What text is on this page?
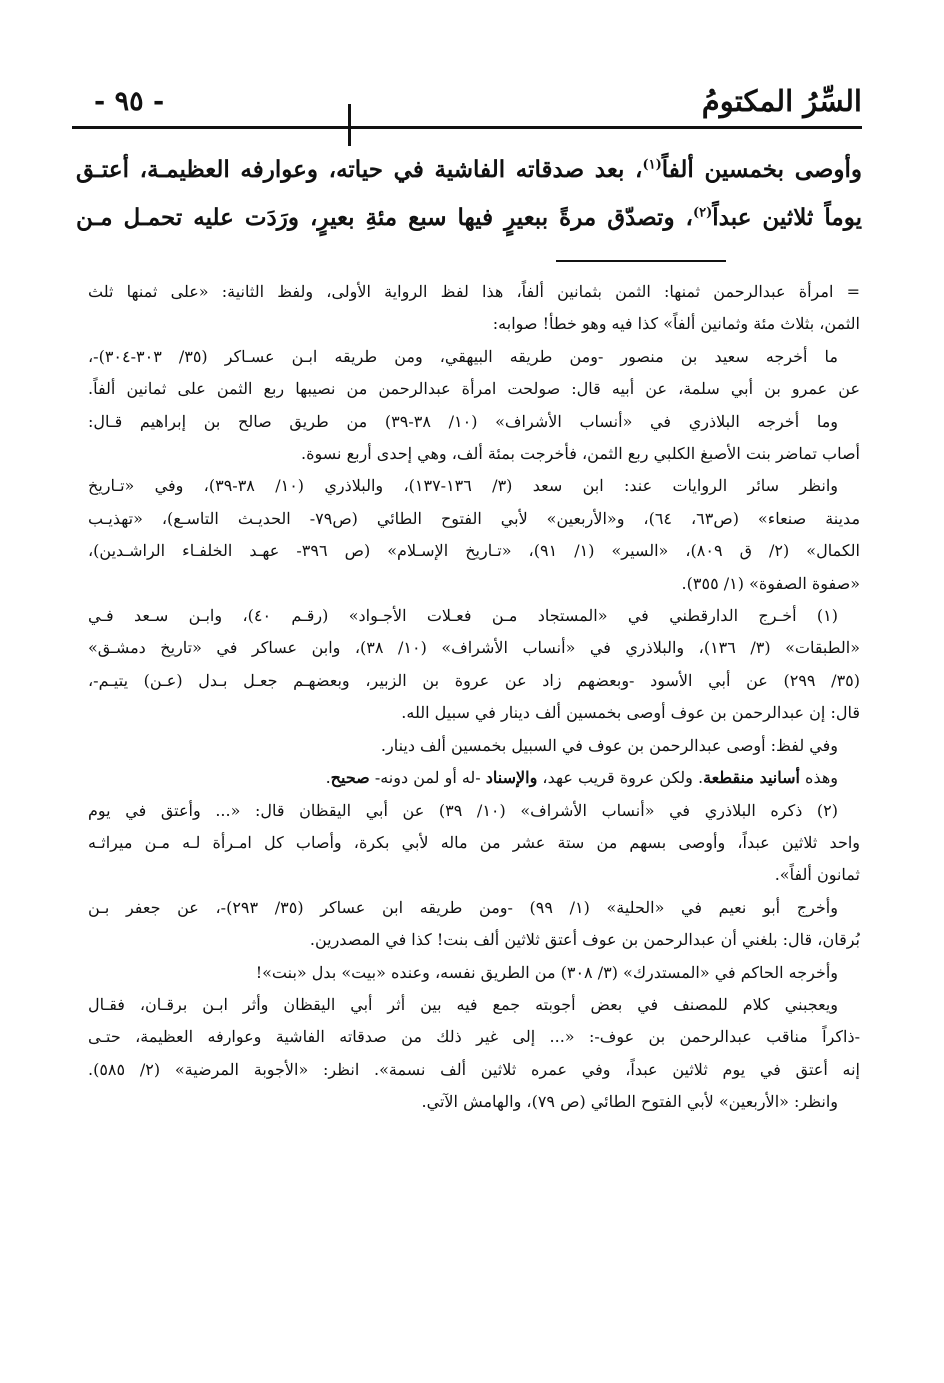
السِّرُ المكتومُ
- ٩٥ -
وأوصى بخمسين ألفاً$^{(١)}$، بعد صدقاته الفاشية في حياته، وعوارفه العظيمـة، أعتـق
يوماً ثلاثين عبداً$^{(٢)}$، وتصدّق مرةً ببعيرٍ فيها سبع مئةِ بعيرٍ، ورَدَت عليه تحمـل مـن
= امرأة عبدالرحمن ثمنها: الثمن بثمانين ألفاً، هذا لفظ الرواية الأولى، ولفظ الثانية: «على ثمنها ثلث
الثمن، بثلاث مئة وثمانين ألفاً» كذا فيه وهو خطأ! صوابه:
ما أخرجه سعيد بن منصور -ومن طريقه البيهقي، ومن طريقه ابـن عسـاكر (٣٥/ ٣٠٣-٣٠٤)-،
عن عمرو بن أبي سلمة، عن أبيه قال: صولحت امرأة عبدالرحمن من نصيبها ربع الثمن على ثمانين ألفاً.
وما أخرجه البلاذري في «أنساب الأشراف» (١٠/ ٣٨-٣٩) من طريق صالح بن إبراهيم قـال:
أصاب تماضر بنت الأصبغ الكلبي ربع الثمن، فأخرجت بمئة ألف، وهي إحدى أربع نسوة.
وانظر سائر الروايات عند: ابن سعد (٣/ ١٣٦-١٣٧)، والبلاذري (١٠/ ٣٨-٣٩)، وفي «تـاريخ
مدينة صنعاء» (ص٦٣، ٦٤)، و«الأربعين» لأبي الفتوح الطائي (ص٧٩- الحديـث التاسـع)، «تهذيـب
الكمال» (٢/ ق ٨٠٩)، «السير» (١/ ٩١)، «تـاريخ الإسـلام» (ص ٣٩٦- عهـد الخلفـاء الراشـدين)،
«صفوة الصفوة» (١/ ٣٥٥).
(١) أخـرج الدارقطني في «المستجاد مـن فعـلات الأجـواد» (رقـم ٤٠)، وابـن سـعد فـي
«الطبقات» (٣/ ١٣٦)، والبلاذري في «أنساب الأشراف» (١٠/ ٣٨)، وابن عساكر في «تاريخ دمشـق»
(٣٥/ ٢٩٩) عن أبي الأسود -وبعضهم زاد عن عروة بن الزبير، وبعضهـم جعـل بـدل (عـن) يتيـم-،
قال: إن عبدالرحمن بن عوف أوصى بخمسين ألف دينار في سبيل الله.
وفي لفظ: أوصى عبدالرحمن بن عوف في السبيل بخمسين ألف دينار.
وهذه أسانيد منقطعة. ولكن عروة قريب عهد، والإسناد -له أو لمن دونه- صحيح.
(٢) ذكره البلاذري في «أنساب الأشراف» (١٠/ ٣٩) عن أبي اليقظان قال: «... وأعتق في يوم
واحد ثلاثين عبداً، وأوصى بسهم من ستة عشر من ماله لأبي بكرة، وأصاب كل امـرأة لـه مـن ميراثـه
ثمانون ألفاً».
وأخرج أبو نعيم في «الحلية» (١/ ٩٩) -ومن طريقه ابن عساكر (٣٥/ ٢٩٣)-، عن جعفر بـن
بُرقان، قال: بلغني أن عبدالرحمن بن عوف أعتق ثلاثين ألف بنت! كذا في المصدرين.
وأخرجه الحاكم في «المستدرك» (٣/ ٣٠٨) من الطريق نفسه، وعنده «بيت» بدل «بنت»!
ويعجبني كلام للمصنف في بعض أجوبته جمع فيه بين أثر أبي اليقظان وأثر ابـن برقـان، فقـال
-ذاكراً مناقب عبدالرحمن بن عوف-: «... إلى غير ذلك من صدقاته الفاشية وعوارفه العظيمة، حتـى
إنه أعتق في يوم ثلاثين عبداً، وفي عمره ثلاثين ألف نسمة». انظر: «الأجوبة المرضية» (٢/ ٥٨٥).
وانظر: «الأربعين» لأبي الفتوح الطائي (ص ٧٩)، والهامش الآتي.
